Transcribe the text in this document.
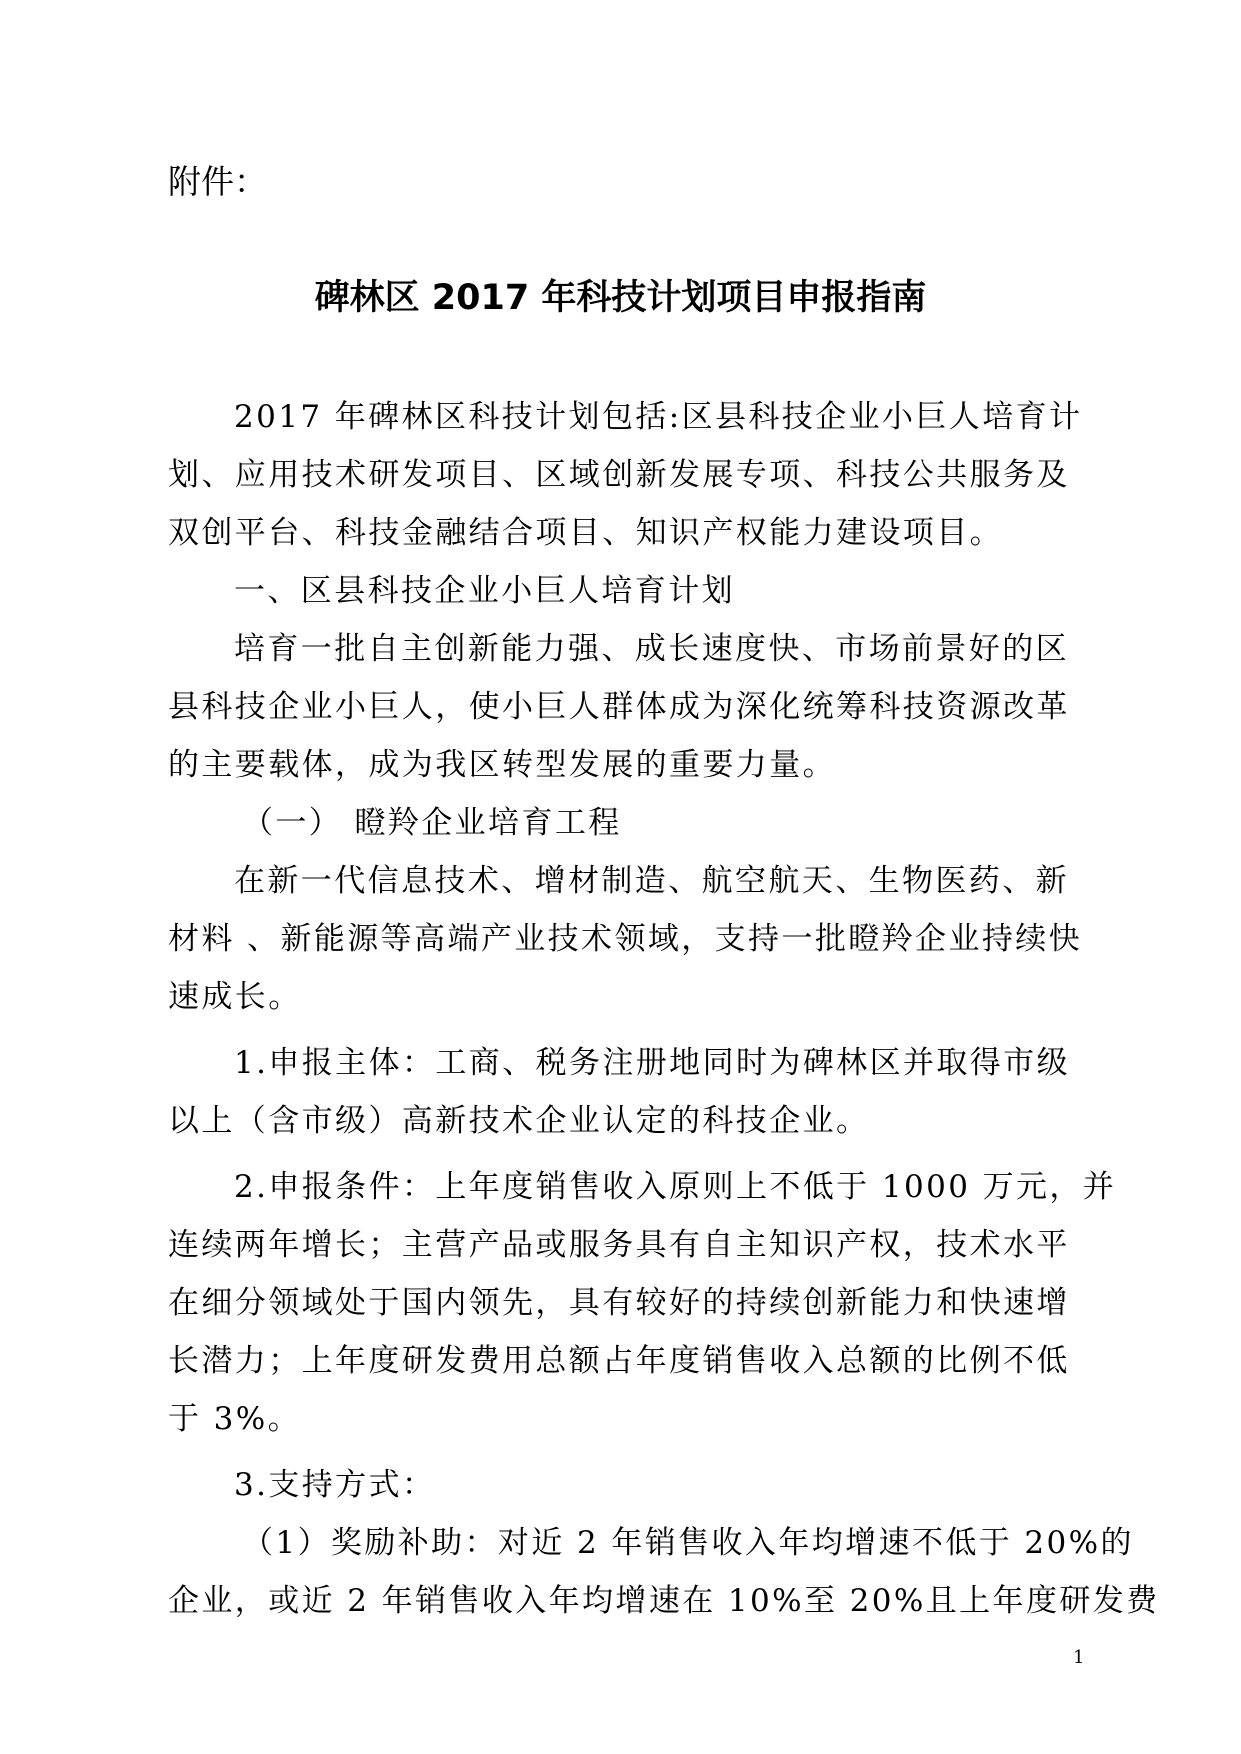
附件：
碑林区 2017 年科技计划项目申报指南
2017 年碑林区科技计划包括:区县科技企业小巨人培育计
划、应用技术研发项目、区域创新发展专项、科技公共服务及
双创平台、科技金融结合项目、知识产权能力建设项目。
一、区县科技企业小巨人培育计划
培育一批自主创新能力强、成长速度快、市场前景好的区
县科技企业小巨人，使小巨人群体成为深化统筹科技资源改革
的主要载体，成为我区转型发展的重要力量。
（一） 瞪羚企业培育工程
在新一代信息技术、增材制造、航空航天、生物医药、新
材料 、新能源等高端产业技术领域，支持一批瞪羚企业持续快
速成长。
1.申报主体：工商、税务注册地同时为碑林区并取得市级
以上（含市级）高新技术企业认定的科技企业。
2.申报条件：上年度销售收入原则上不低于 1000 万元，并
连续两年增长；主营产品或服务具有自主知识产权，技术水平
在细分领域处于国内领先，具有较好的持续创新能力和快速增
长潜力；上年度研发费用总额占年度销售收入总额的比例不低
于 3%。
3.支持方式：
（1）奖励补助：对近 2 年销售收入年均增速不低于 20%的
企业，或近 2 年销售收入年均增速在 10%至 20%且上年度研发费
1
